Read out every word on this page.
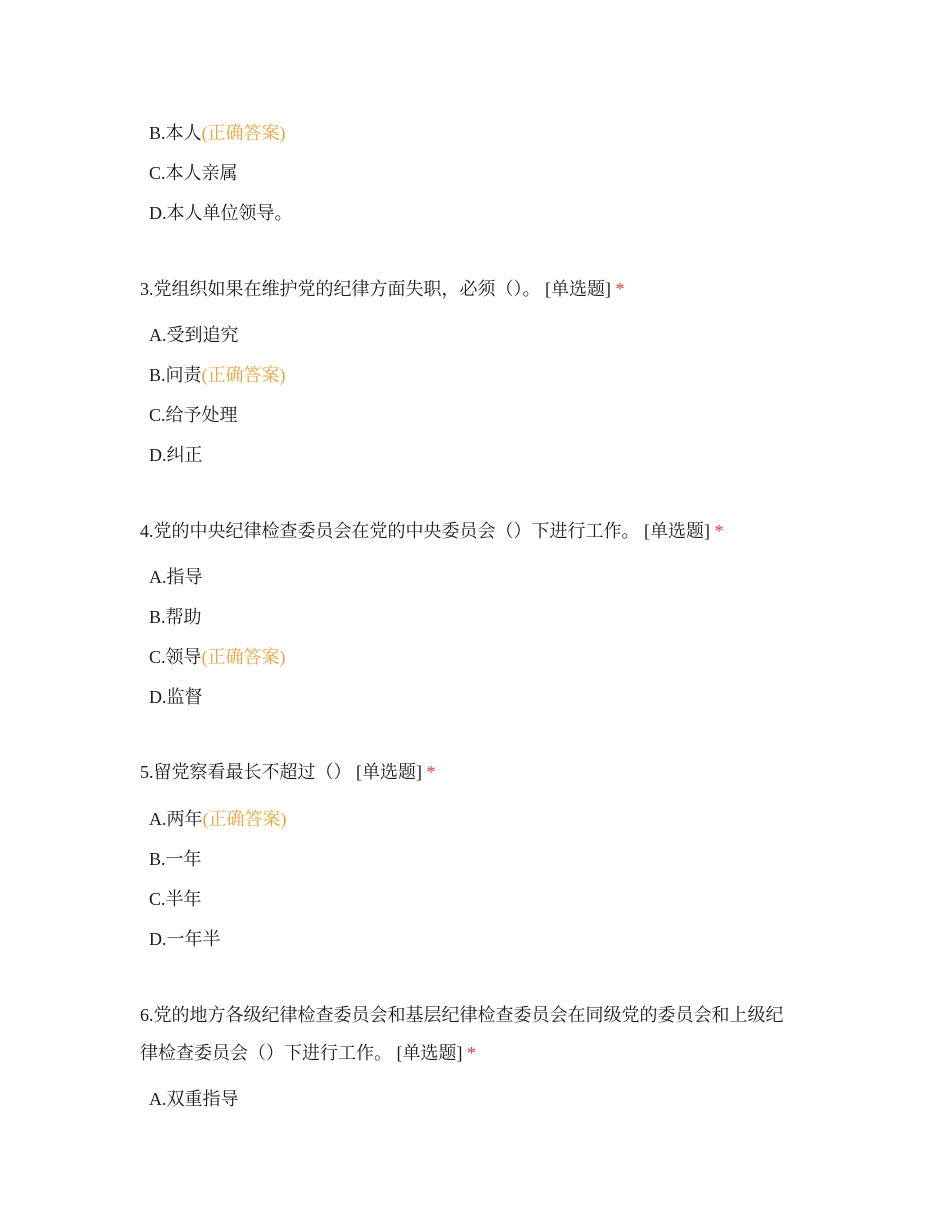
B.本人(正确答案)
C.本人亲属
D.本人单位领导。
3.党组织如果在维护党的纪律方面失职，必须（）。 [单选题] *
A.受到追究
B.问责(正确答案)
C.给予处理
D.纠正
4.党的中央纪律检查委员会在党的中央委员会（）下进行工作。 [单选题] *
A.指导
B.帮助
C.领导(正确答案)
D.监督
5.留党察看最长不超过（） [单选题] *
A.两年(正确答案)
B.一年
C.半年
D.一年半
6.党的地方各级纪律检查委员会和基层纪律检查委员会在同级党的委员会和上级纪
律检查委员会（）下进行工作。 [单选题] *
A.双重指导
